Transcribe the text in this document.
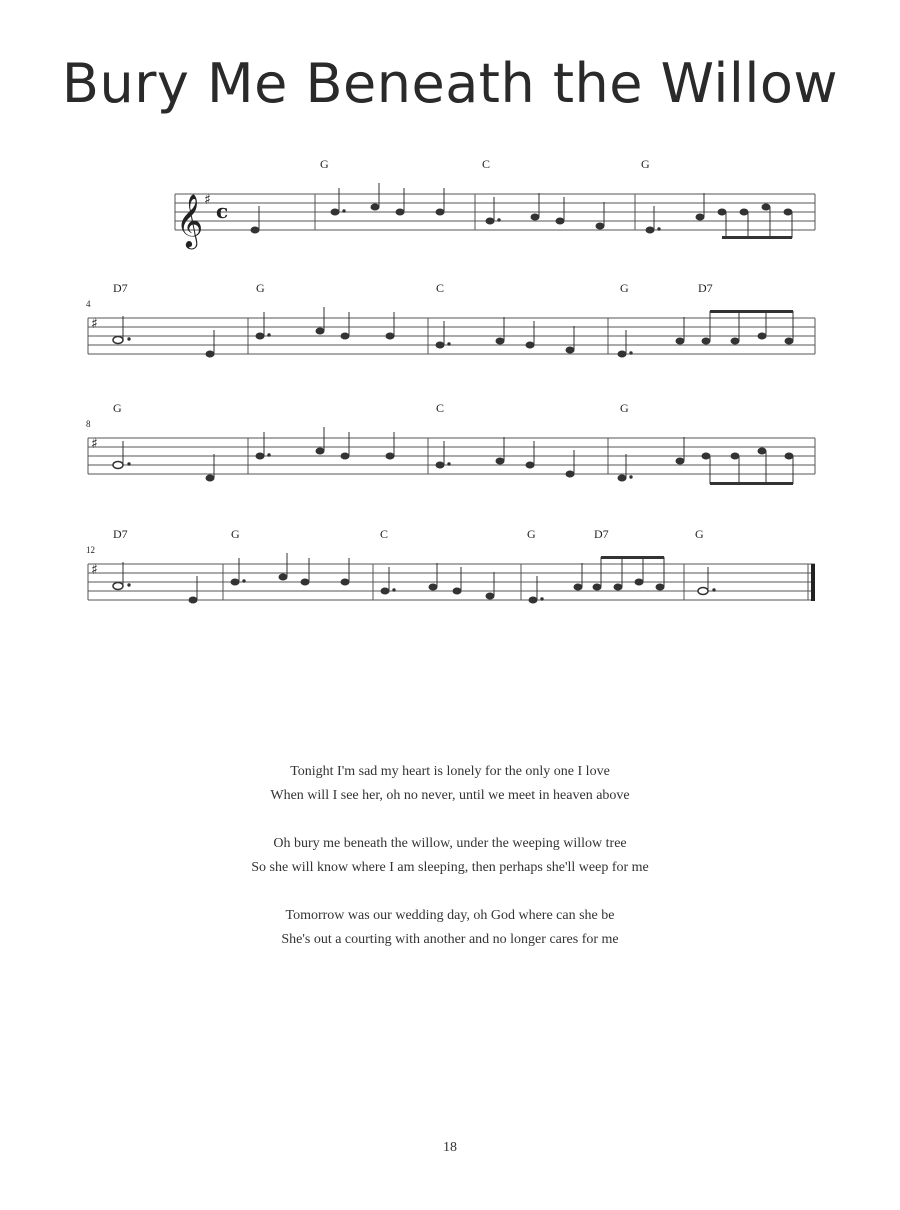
Bury Me Beneath the Willow
𝄞 ♯ c
G	C	G
4
♯
D7	G	C	G	D7
8
♯
G	C	G
12
♯
D7	G	C	G	D7	G
Tonight I'm sad my heart is lonely for the only one I love
When will I see her, oh no never, until we meet in heaven above
Oh bury me beneath the willow, under the weeping willow tree
So she will know where I am sleeping, then perhaps she'll weep for me
Tomorrow was our wedding day, oh God where can she be
She's out a courting with another and no longer cares for me
18
